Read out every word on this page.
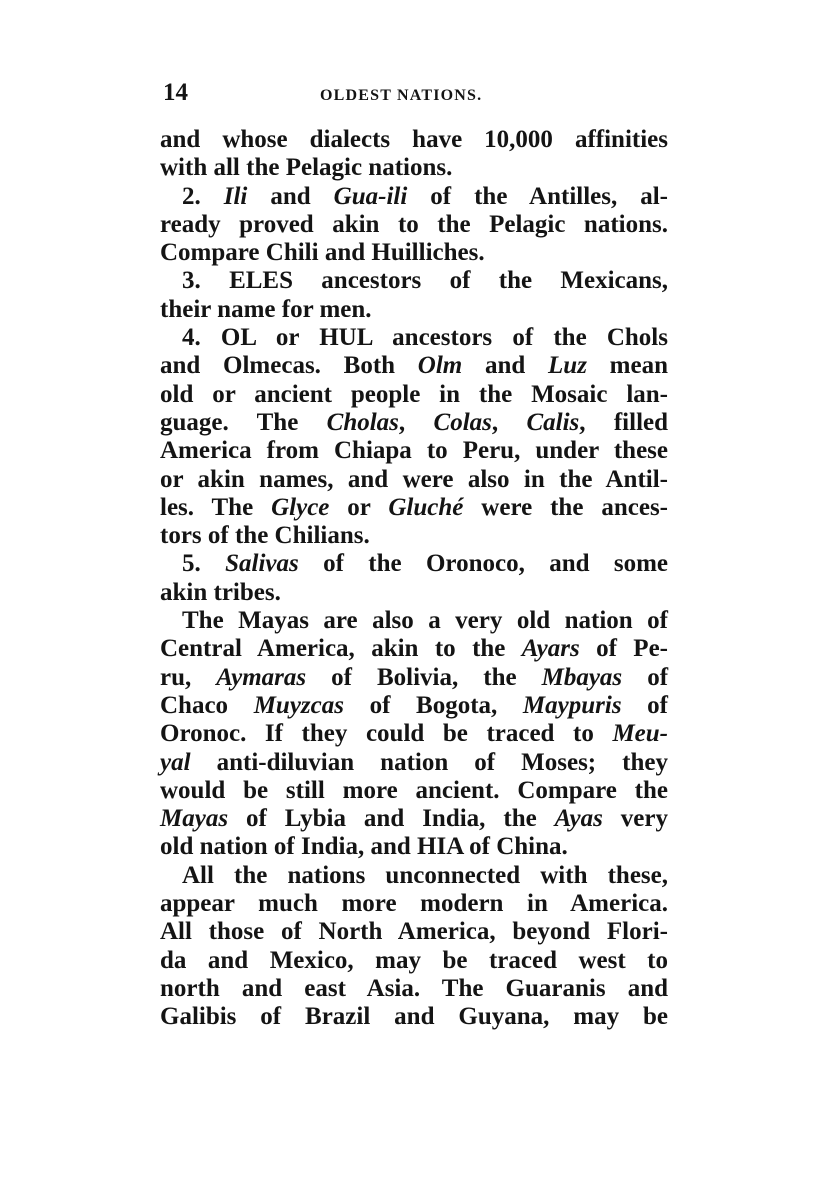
14	OLDEST NATIONS.
and whose dialects have 10,000 affinities
with all the Pelagic nations.
2. Ili and Gua-ili of the Antilles, al-
ready proved akin to the Pelagic nations.
Compare Chili and Huilliches.
3. ELES ancestors of the Mexicans,
their name for men.
4. OL or HUL ancestors of the Chols
and Olmecas. Both Olm and Luz mean
old or ancient people in the Mosaic lan-
guage. The Cholas, Colas, Calis, filled
America from Chiapa to Peru, under these
or akin names, and were also in the Antil-
les. The Glyce or Gluché were the ances-
tors of the Chilians.
5. Salivas of the Oronoco, and some
akin tribes.
The Mayas are also a very old nation of
Central America, akin to the Ayars of Pe-
ru, Aymaras of Bolivia, the Mbayas of
Chaco Muyzcas of Bogota, Maypuris of
Oronoc. If they could be traced to Meu-
yal anti-diluvian nation of Moses; they
would be still more ancient. Compare the
Mayas of Lybia and India, the Ayas very
old nation of India, and HIA of China.
All the nations unconnected with these,
appear much more modern in America.
All those of North America, beyond Flori-
da and Mexico, may be traced west to
north and east Asia. The Guaranis and
Galibis of Brazil and Guyana, may be
